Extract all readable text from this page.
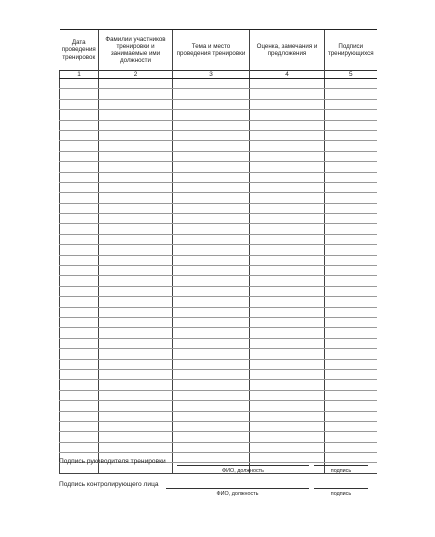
Дата проведения тренировок	Фамилии участников тренировки и занимаемые ими должности	Тема и место проведения тренировки	Оценка, замечания и предложения	Подписи тренирующихся
1	2	3	4	5

Подпись руководителя тренировки
ФИО, должность	подпись
Подпись контролирующего лица
ФИО, должность	подпись
